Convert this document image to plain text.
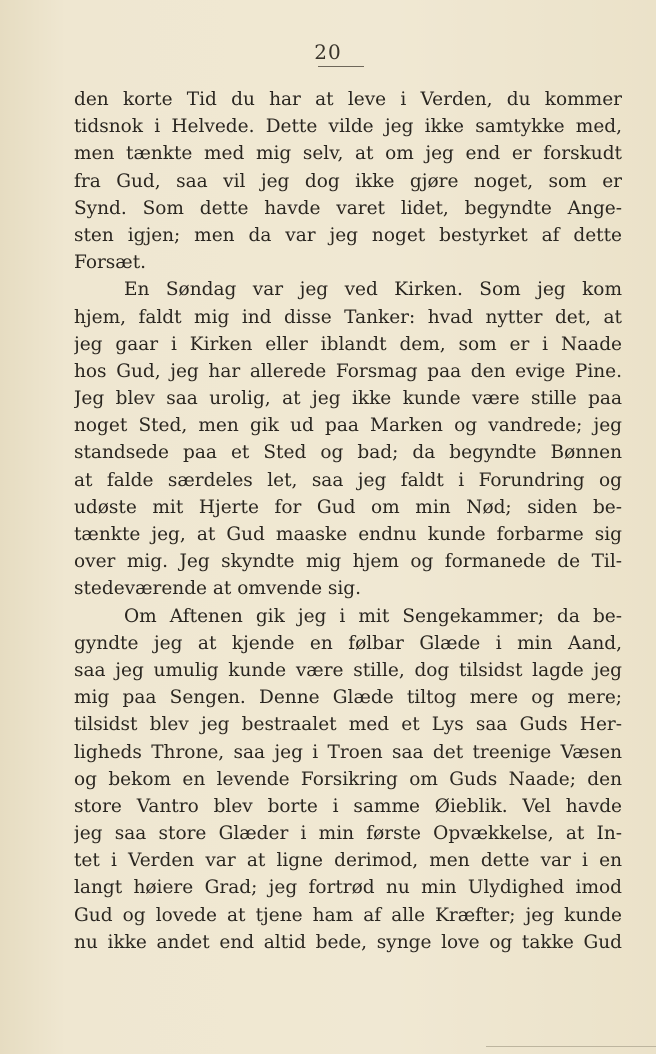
20
den korte Tid du har at leve i Verden, du kommer
tidsnok i Helvede. Dette vilde jeg ikke samtykke med,
men tænkte med mig selv, at om jeg end er forskudt
fra Gud, saa vil jeg dog ikke gjøre noget, som er
Synd. Som dette havde varet lidet, begyndte Ange-
sten igjen; men da var jeg noget bestyrket af dette
Forsæt.
En Søndag var jeg ved Kirken. Som jeg kom
hjem, faldt mig ind disse Tanker: hvad nytter det, at
jeg gaar i Kirken eller iblandt dem, som er i Naade
hos Gud, jeg har allerede Forsmag paa den evige Pine.
Jeg blev saa urolig, at jeg ikke kunde være stille paa
noget Sted, men gik ud paa Marken og vandrede; jeg
standsede paa et Sted og bad; da begyndte Bønnen
at falde særdeles let, saa jeg faldt i Forundring og
udøste mit Hjerte for Gud om min Nød; siden be-
tænkte jeg, at Gud maaske endnu kunde forbarme sig
over mig. Jeg skyndte mig hjem og formanede de Til-
stedeværende at omvende sig.
Om Aftenen gik jeg i mit Sengekammer; da be-
gyndte jeg at kjende en følbar Glæde i min Aand,
saa jeg umulig kunde være stille, dog tilsidst lagde jeg
mig paa Sengen. Denne Glæde tiltog mere og mere;
tilsidst blev jeg bestraalet med et Lys saa Guds Her-
ligheds Throne, saa jeg i Troen saa det treenige Væsen
og bekom en levende Forsikring om Guds Naade; den
store Vantro blev borte i samme Øieblik. Vel havde
jeg saa store Glæder i min første Opvækkelse, at In-
tet i Verden var at ligne derimod, men dette var i en
langt høiere Grad; jeg fortrød nu min Ulydighed imod
Gud og lovede at tjene ham af alle Kræfter; jeg kunde
nu ikke andet end altid bede, synge love og takke Gud
